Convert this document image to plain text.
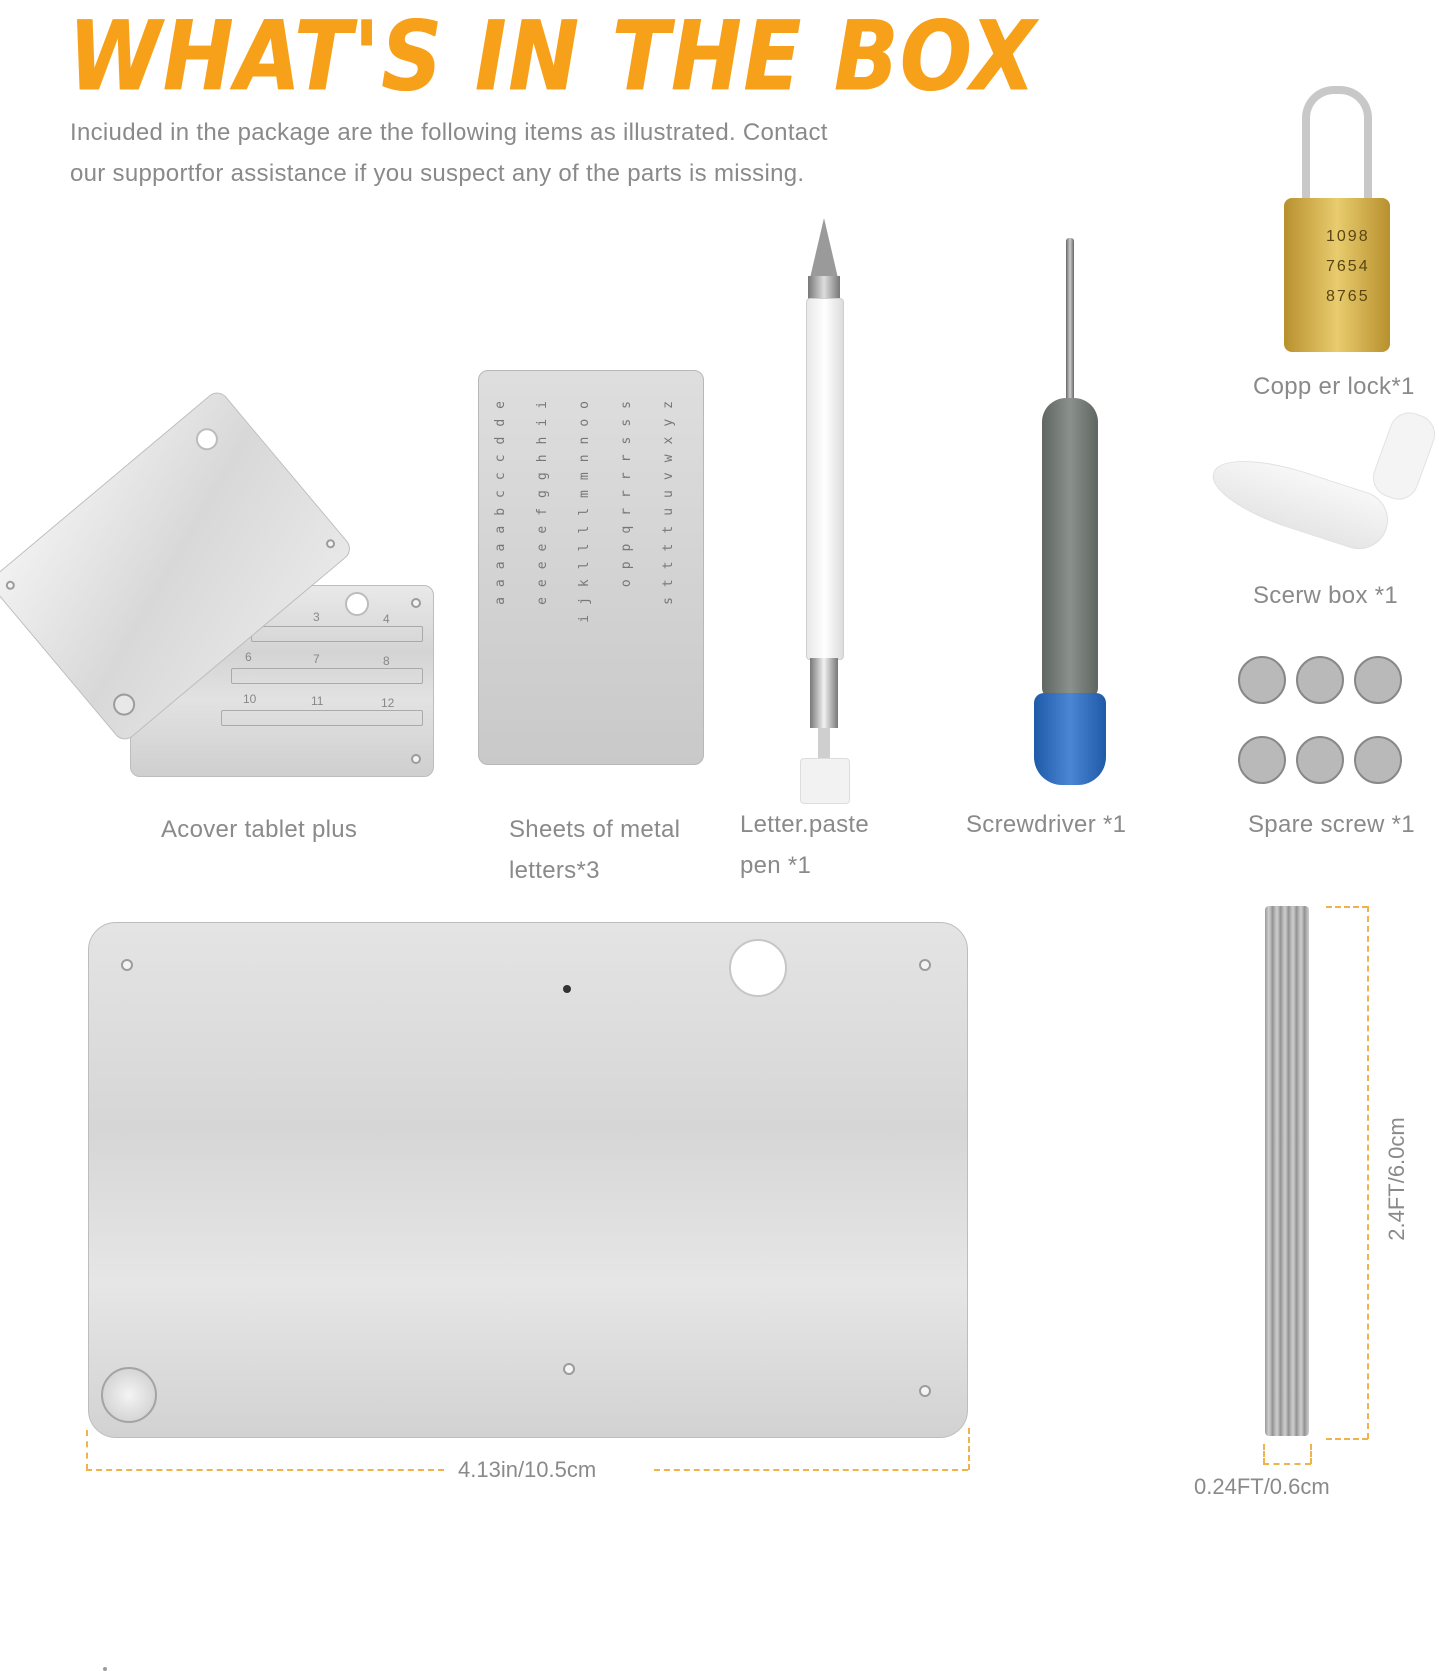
WHAT'S IN THE BOX
Inciuded in the package are the following items as illustrated. Contact
our supportfor assistance if you suspect any of the parts is missing.
3	4
6	7	8
10	11	12
Acover tablet plus
aaaaabcccdde	eeeeefgghhii	ijkllllmmnnoo	oppqrrrrsss	sttttuuvwxyz
Sheets of metal
letters*3
Letter.paste
pen *1
Screwdriver *1
1098
7654
8765
Copp er lock*1
Scerw box *1
Spare screw *1
4.13in/10.5cm
2.4FT/6.0cm
0.24FT/0.6cm
